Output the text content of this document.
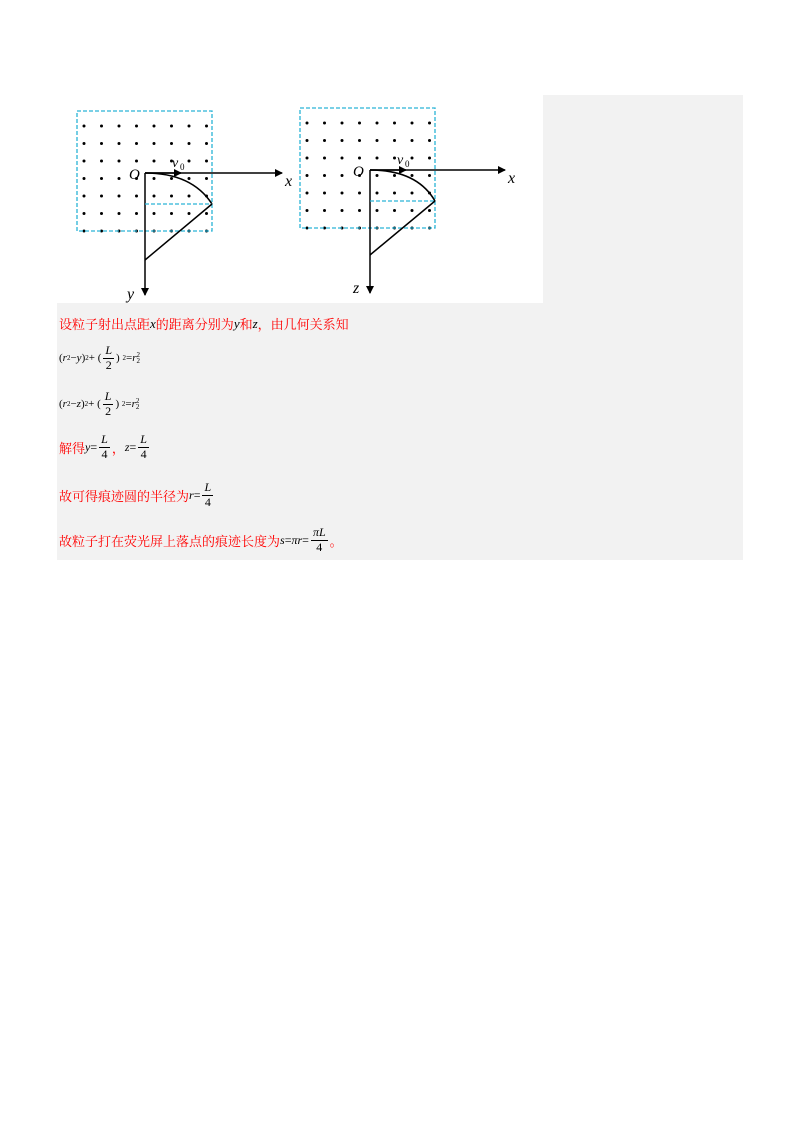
O
v 0
x
y
O
v 0
x
z
设粒子射出点距 x 的距离分别为 y 和 z ，由几何关系知
( r 2 − y ) 2 + ( $\frac{L}{2}$ )
2 = r 2
2
( r 2 − z ) 2 + ( $\frac{L}{2}$ )
2 = r 2
2
解得 $y = \frac{L}{4}$ ， $z = \frac{L}{4}$
故可得痕迹圆的半径为 $r = \frac{L}{4}$
故粒子打在荧光屏上落点的痕迹长度为 $s = \pi r = \frac{\pi L}{4}$ 。
